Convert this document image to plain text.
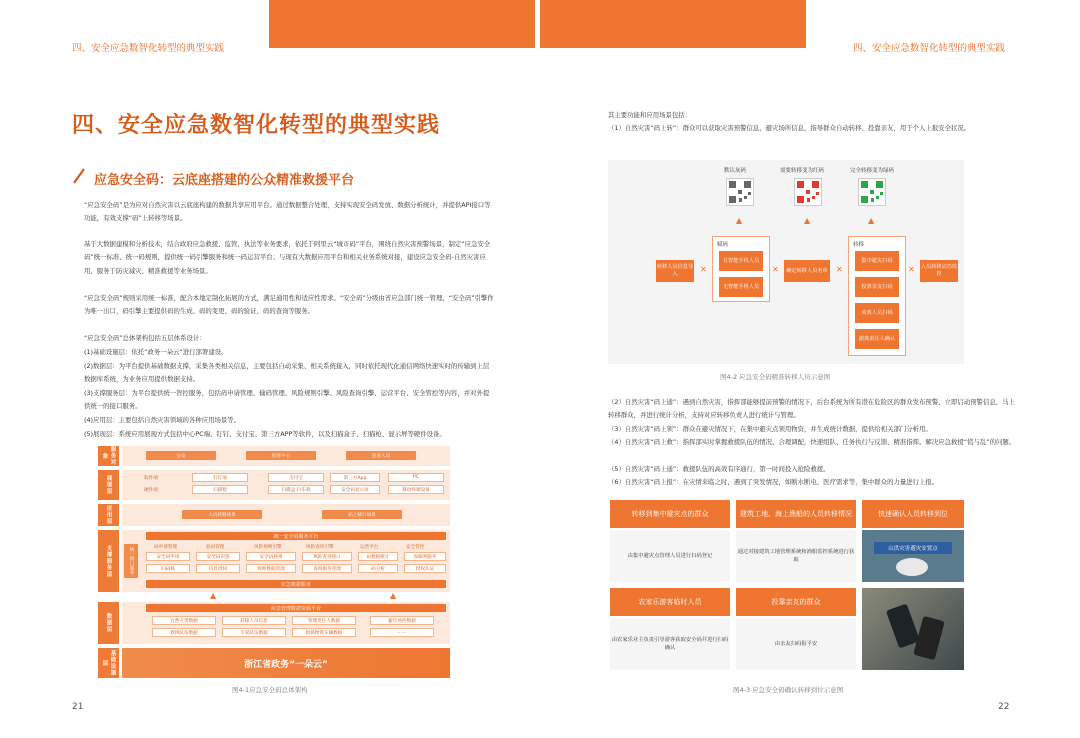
四、安全应急数智化转型的典型实践	四、安全应急数智化转型的典型实践
四、安全应急数智化转型的典型实践
应急安全码：云底座搭建的公众精准救援平台
“应急安全码”是为应对自然灾害以云底座构建的数据共享应用平台。通过数据整合处理，支持实现安全码发放、数据分析统计，并提供API接口等功能，有效支撑“码”上转移等场景。
基于大数据建模和分析技术，结合政府应急救援、监管、执法等业务要求，依托于阿里云“城市码”平台，围绕自然灾害预警场景，制定“应急安全码”统一标准、统一码规则，提供统一码引擎服务和统一码运营平台；与现有大数据应用平台和相关业务系统对接，建设应急安全码-自然灾害应用，服务于防灾减灾、精准救援等业务场景。
“应急安全码”规则采用统一标准，配合本地定制化拓展的方式，满足通用性和适应性需求。“安全码”分级由省应急部门统一管理，“安全码”引擎作为唯一出口，码引擎主要提供码的生成、码的变更、码的验证、码的查询等服务。
“应急安全码”总体架构包括五层体系设计：
(1)基础设施层：依托“政务一朵云”进行部署建设。
(2)数据层：为平台提供基础数据支撑，采集各类相关信息，主要包括自动采集、相关系统接入，同时依托现代化通信网络快速实时的传输到上层数据库系统，为业务应用提供数据支持。
(3)支撑服务层：为平台提供统一智控服务，包括码申请管理、输码管理、风险规则引擎、风险查询引擎、运营平台、安全管控等内容，并对外提供统一的接口服务。
(4)应用层：主要包括自然灾害领域的各种应用场景等。
(5)展现层：系统应用展现方式包括中心PC端、钉钉、支付宝、第三方APP等软件，以及扫描盒子、扫描枪、显示屏等硬件设备。
服务对象	公众	指挥中心	巡查人员
展现层	软件端	钉钉端	支付宝	第三方App	PC
硬件端	扫描枪	扫描盒子/车载	安全码显示屏	移动终端设备
应用层	人员转移场景	码上赋行场景
支撑服务层
统一安全码服务平台
统一接口服务	码申请管理	验码管理	风险规则引擎	风险查询引擎	运营平台	安全管控
安全码申请	安全码识别	安全码规则	风险查询接口	码数据统计	加解密服务
扫码核	信息授权	规则数据管理	查询服务管理	码分析	授权认证
应急数据服务
▲	▲
数据层
应急管理数据资源平台
自然灾害数据	转移人员信息	管理责任人数据	避灾场所数据
救援队伍数据	专家队伍数据	救援物资车辆数据	……
基础设施层	浙江省政务“一朵云”
图4-1应急安全码总体架构
21
其主要功能和应用场景包括：
（1）自然灾害“码上转”：群众可以获取灾害预警信息、避灾场所信息，指导群众自动转移、投靠亲友，用于个人上报安全状况。
默认灰码	需要转移变为红码	完全转移变为绿码
▲	▲	▲
转移人员信息导入	✕
赋码
有智能手机人员
无智能手机人员
✕	确定转移人员名单 ✕
转移
集中避灾扫码
投靠亲友扫码
劝离人员扫码
撤离责任人确认
✕ 人员转移动态监控
图4-2 应急安全码精准转移人员示意图
（2）自然灾害“码上通”：遇到自然灾害，指挥部能够提前预警的情况下，后台系统为所有潜在危险区的群众发布预警，立即启动预警信息，马上转移群众，并进行统计分析，支持对应转移负责人进行统计与管理。
（3）自然灾害“码上领”：群众在避灾情况下，在集中避灾点领用物资，并生成统计数据，提供给相关部门分析用。
（4）自然灾害“码上救”：指挥部实时掌握救援队伍的情况、合理调配，快速组队、任务执行与反馈、精准指挥。解决应急救援“慌与乱”的问题。
（5）自然灾害“码上通”：救援队伍的高效有序通行，第一时间投入抢险救援。
（6）自然灾害“码上报”：在灾情来临之时，遇到了突发情况，如断水断电、医疗需求等，集中群众的力量进行上报。
转移到集中避灾点的群众	建筑工地、海上渔船的人员转移情况	快速确认人员转移到位
由集中避灾点管理人员进行扫码登记
通过对接建筑工地管理系统和渔船监控系统进行获取
山洪灾害避灾安置点
农家乐游客临时人员	投靠亲友的群众
由农家乐业主负责引导游客获取安全码并进行扫码确认
由亲友扫码报平安
图4-3 应急安全码确认转移到位示意图
22
